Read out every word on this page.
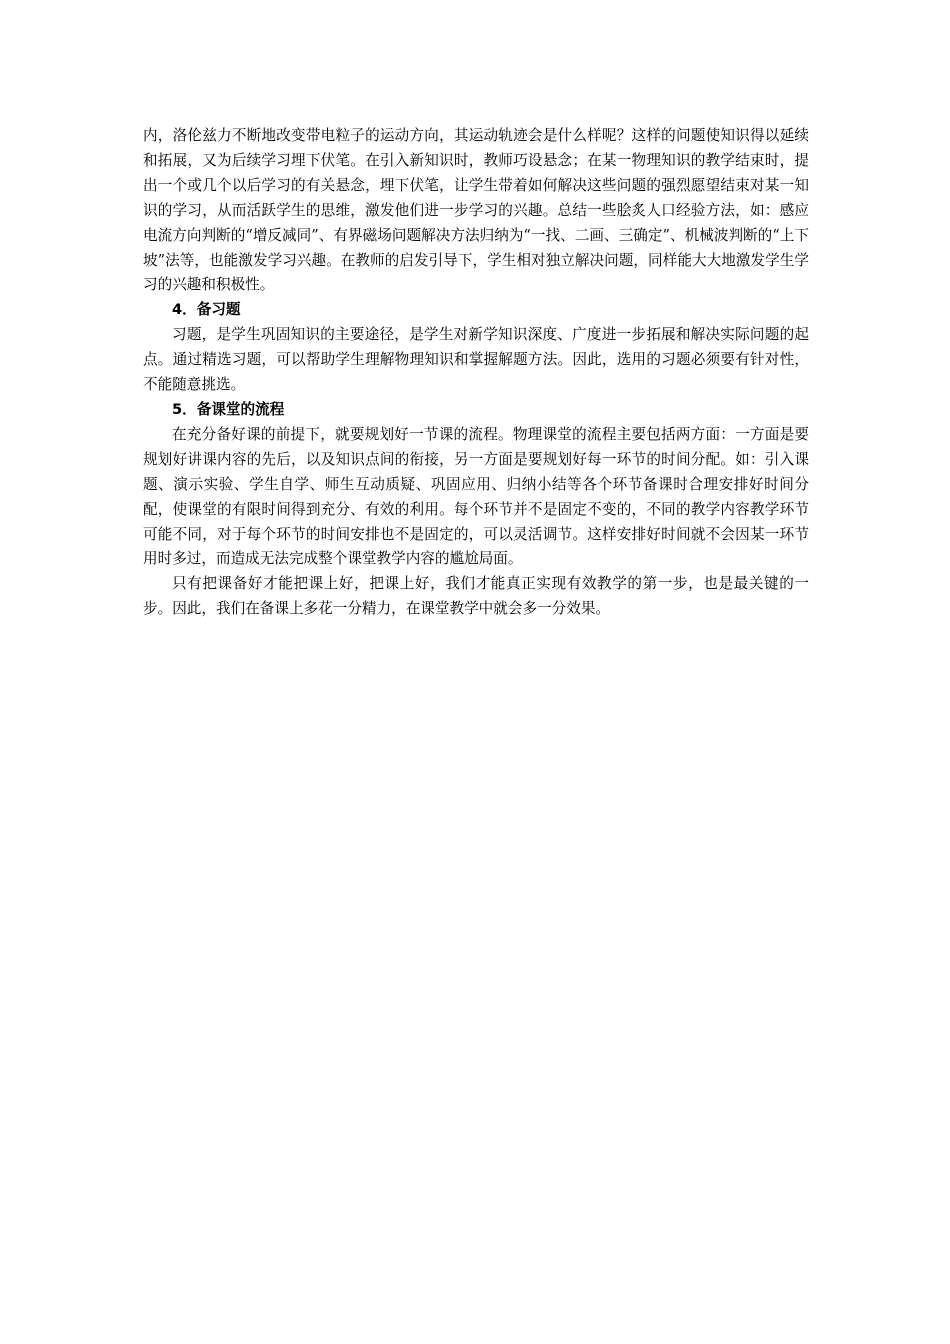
内，洛伦兹力不断地改变带电粒子的运动方向，其运动轨迹会是什么样呢？这样的问题使知识得以延续和拓展，又为后续学习埋下伏笔。在引入新知识时，教师巧设悬念；在某一物理知识的教学结束时，提出一个或几个以后学习的有关悬念，埋下伏笔，让学生带着如何解决这些问题的强烈愿望结束对某一知识的学习，从而活跃学生的思维，激发他们进一步学习的兴趣。总结一些脍炙人口经验方法，如：感应电流方向判断的“增反减同”、有界磁场问题解决方法归纳为“一找、二画、三确定”、机械波判断的“上下坡”法等，也能激发学习兴趣。在教师的启发引导下，学生相对独立解决问题，同样能大大地激发学生学习的兴趣和积极性。

4．备习题

习题，是学生巩固知识的主要途径，是学生对新学知识深度、广度进一步拓展和解决实际问题的起点。通过精选习题，可以帮助学生理解物理知识和掌握解题方法。因此，选用的习题必须要有针对性，不能随意挑选。

5．备课堂的流程

在充分备好课的前提下，就要规划好一节课的流程。物理课堂的流程主要包括两方面：一方面是要规划好讲课内容的先后，以及知识点间的衔接，另一方面是要规划好每一环节的时间分配。如：引入课题、演示实验、学生自学、师生互动质疑、巩固应用、归纳小结等各个环节备课时合理安排好时间分配，使课堂的有限时间得到充分、有效的利用。每个环节并不是固定不变的，不同的教学内容教学环节可能不同，对于每个环节的时间安排也不是固定的，可以灵活调节。这样安排好时间就不会因某一环节用时多过，而造成无法完成整个课堂教学内容的尴尬局面。

只有把课备好才能把课上好，把课上好，我们才能真正实现有效教学的第一步，也是最关键的一步。因此，我们在备课上多花一分精力，在课堂教学中就会多一分效果。
